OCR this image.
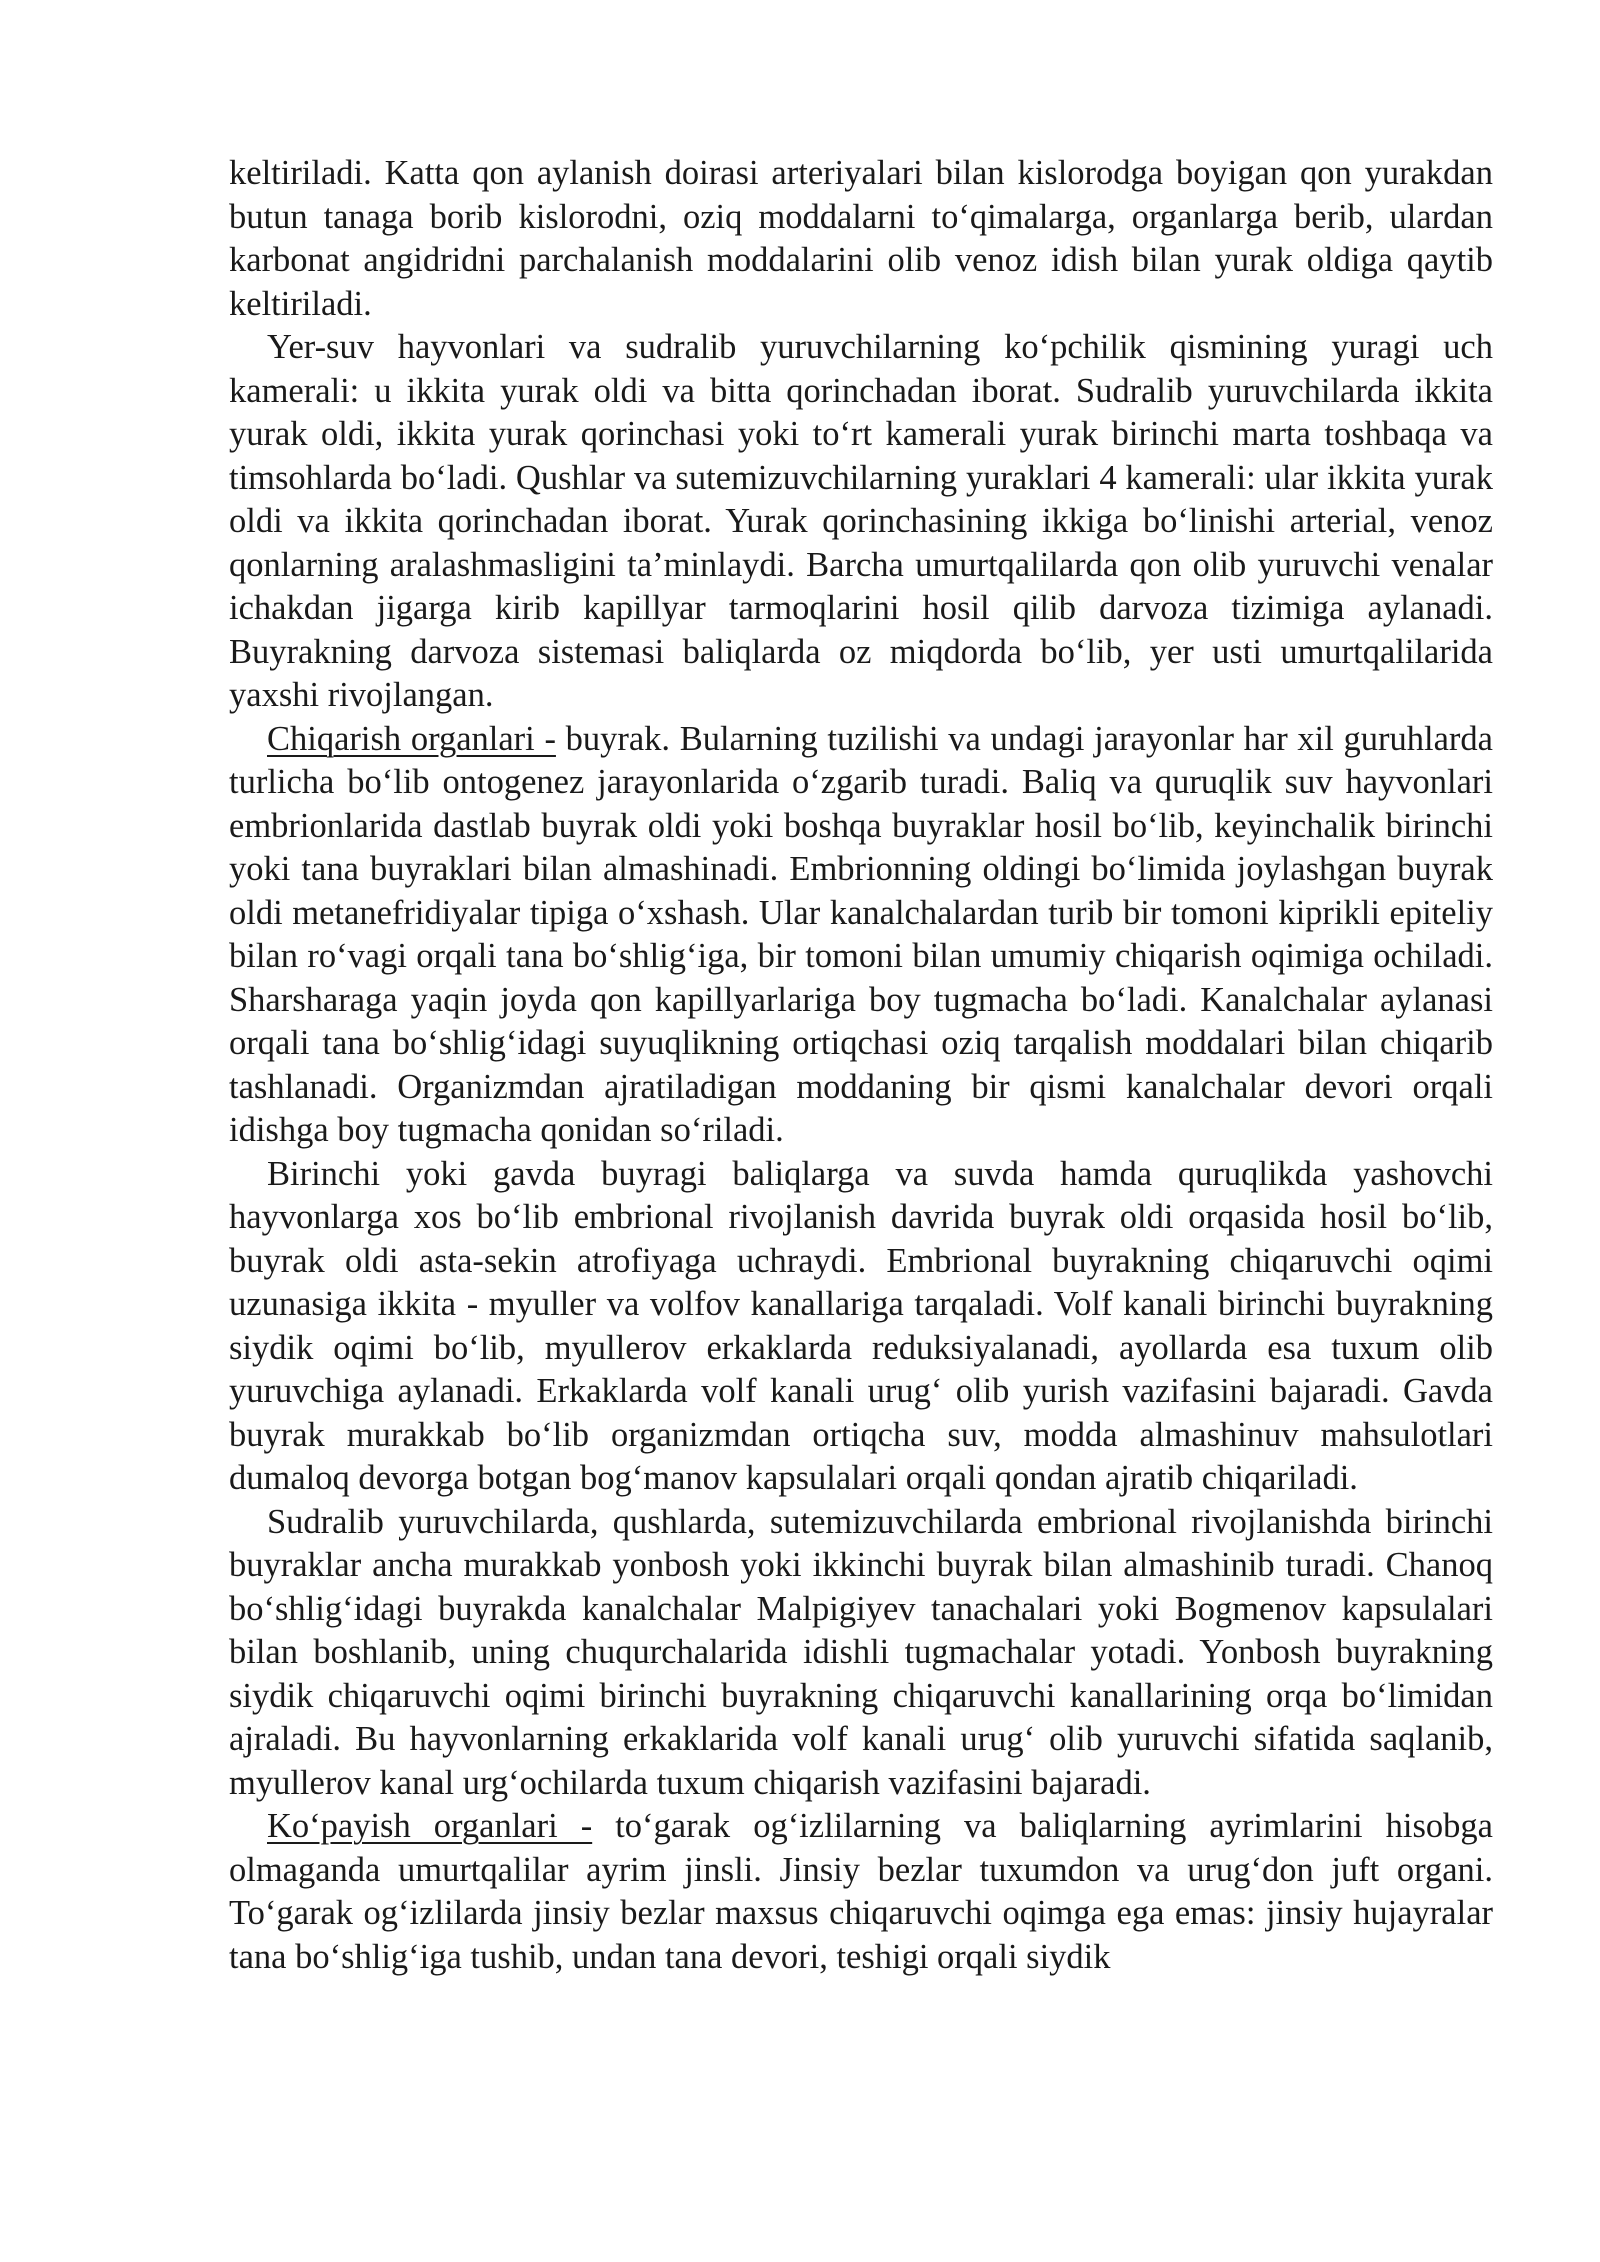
keltiriladi. Katta qon aylanish doirasi arteriyalari bilan kislorodga boyigan qon yurakdan butun tanaga borib kislorodni, oziq moddalarni to‘qimalarga, organlarga berib, ulardan karbonat angidridni parchalanish moddalarini olib venoz idish bilan yurak oldiga qaytib keltiriladi.

Yer-suv hayvonlari va sudralib yuruvchilarning ko‘pchilik qismining yuragi uch kamerali: u ikkita yurak oldi va bitta qorinchadan iborat. Sudralib yuruvchilarda ikkita yurak oldi, ikkita yurak qorinchasi yoki to‘rt kamerali yurak birinchi marta toshbaqa va timsohlarda bo‘ladi. Qushlar va sutemizuvchilarning yuraklari 4 kamerali: ular ikkita yurak oldi va ikkita qorinchadan iborat. Yurak qorinchasining ikkiga bo‘linishi arterial, venoz qonlarning aralashmasligini ta’minlaydi. Barcha umurtqalilarda qon olib yuruvchi venalar ichakdan jigarga kirib kapillyar tarmoqlarini hosil qilib darvoza tizimiga aylanadi. Buyrakning darvoza sistemasi baliqlarda oz miqdorda bo‘lib, yer usti umurtqalilarida yaxshi rivojlangan.

Chiqarish organlari - buyrak. Bularning tuzilishi va undagi jarayonlar har xil guruhlarda turlicha bo‘lib ontogenez jarayonlarida o‘zgarib turadi. Baliq va quruqlik suv hayvonlari embrionlarida dastlab buyrak oldi yoki boshqa buyraklar hosil bo‘lib, keyinchalik birinchi yoki tana buyraklari bilan almashinadi. Embrionning oldingi bo‘limida joylashgan buyrak oldi metanefridiyalar tipiga o‘xshash. Ular kanalchalardan turib bir tomoni kiprikli epiteliy bilan ro‘vagi orqali tana bo‘shlig‘iga, bir tomoni bilan umumiy chiqarish oqimiga ochiladi. Sharsharaga yaqin joyda qon kapillyarlariga boy tugmacha bo‘ladi. Kanalchalar aylanasi orqali tana bo‘shlig‘idagi suyuqlikning ortiqchasi oziq tarqalish moddalari bilan chiqarib tashlanadi. Organizmdan ajratiladigan moddaning bir qismi kanalchalar devori orqali idishga boy tugmacha qonidan so‘riladi.

Birinchi yoki gavda buyragi baliqlarga va suvda hamda quruqlikda yashovchi hayvonlarga xos bo‘lib embrional rivojlanish davrida buyrak oldi orqasida hosil bo‘lib, buyrak oldi asta-sekin atrofiyaga uchraydi. Embrional buyrakning chiqaruvchi oqimi uzunasiga ikkita - myuller va volfov kanallariga tarqaladi. Volf kanali birinchi buyrakning siydik oqimi bo‘lib, myullerov erkaklarda reduksiyalanadi, ayollarda esa tuxum olib yuruvchiga aylanadi. Erkaklarda volf kanali urug‘ olib yurish vazifasini bajaradi. Gavda buyrak murakkab bo‘lib organizmdan ortiqcha suv, modda almashinuv mahsulotlari dumaloq devorga botgan bog‘manov kapsulalari orqali qondan ajratib chiqariladi.

Sudralib yuruvchilarda, qushlarda, sutemizuvchilarda embrional rivojlanishda birinchi buyraklar ancha murakkab yonbosh yoki ikkinchi buyrak bilan almashinib turadi. Chanoq bo‘shlig‘idagi buyrakda kanalchalar Malpigiyev tanachalari yoki Bogmenov kapsulalari bilan boshlanib, uning chuqurchalarida idishli tugmachalar yotadi. Yonbosh buyrakning siydik chiqaruvchi oqimi birinchi buyrakning chiqaruvchi kanallarining orqa bo‘limidan ajraladi. Bu hayvonlarning erkaklarida volf kanali urug‘ olib yuruvchi sifatida saqlanib, myullerov kanal urg‘ochilarda tuxum chiqarish vazifasini bajaradi.

Ko‘payish organlari - to‘garak og‘izlilarning va baliqlarning ayrimlarini hisobga olmaganda umurtqalilar ayrim jinsli. Jinsiy bezlar tuxumdon va urug‘don juft organi. To‘garak og‘izlilarda jinsiy bezlar maxsus chiqaruvchi oqimga ega emas: jinsiy hujayralar tana bo‘shlig‘iga tushib, undan tana devori, teshigi orqali siydik
